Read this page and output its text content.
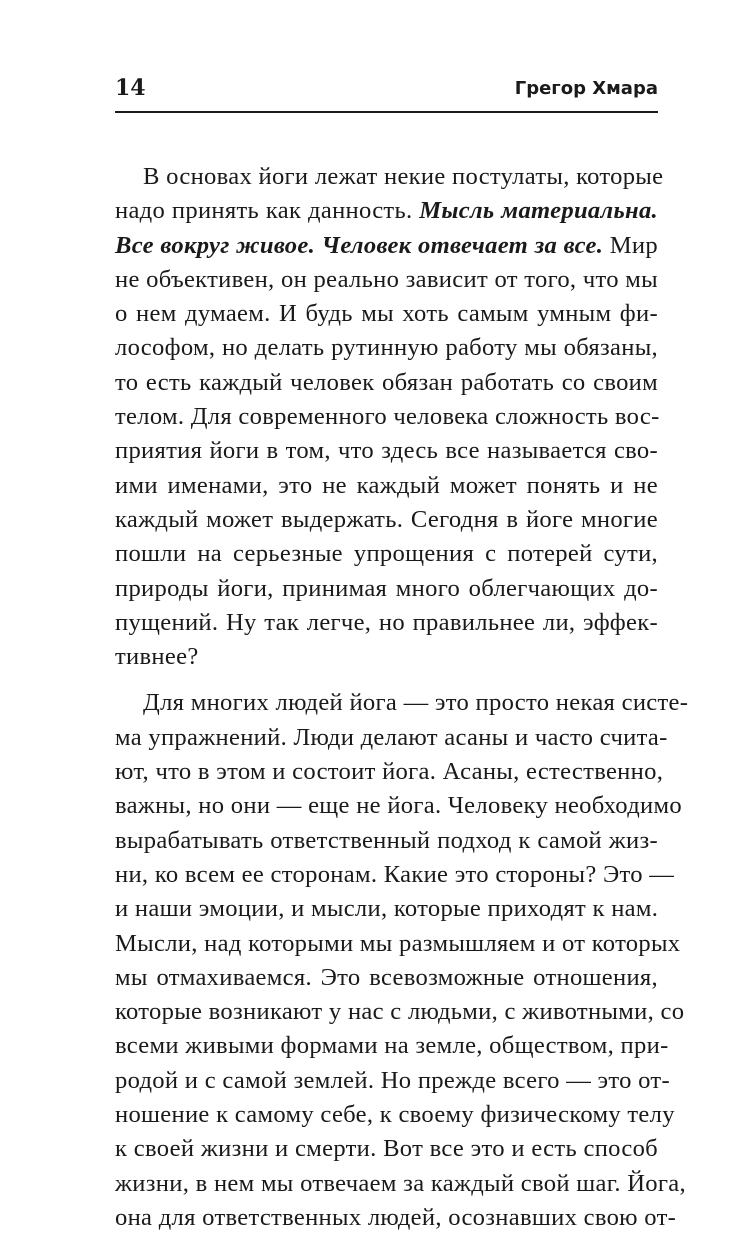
14	Грегор Хмара
В основах йоги лежат некие постулаты, которые
надо принять как данность. Мысль материальна.
Все вокруг живое. Человек отвечает за все. Мир
не объективен, он реально зависит от того, что мы
о нем думаем. И будь мы хоть самым умным фи-
лософом, но делать рутинную работу мы обязаны,
то есть каждый человек обязан работать со своим
телом. Для современного человека сложность вос-
приятия йоги в том, что здесь все называется сво-
ими именами, это не каждый может понять и не
каждый может выдержать. Сегодня в йоге многие
пошли на серьезные упрощения с потерей сути,
природы йоги, принимая много облегчающих до-
пущений. Ну так легче, но правильнее ли, эффек-
тивнее?
Для многих людей йога — это просто некая систе-
ма упражнений. Люди делают асаны и часто счита-
ют, что в этом и состоит йога. Асаны, естественно,
важны, но они — еще не йога. Человеку необходимо
вырабатывать ответственный подход к самой жиз-
ни, ко всем ее сторонам. Какие это стороны? Это —
и наши эмоции, и мысли, которые приходят к нам.
Мысли, над которыми мы размышляем и от которых
мы отмахиваемся. Это всевозможные отношения,
которые возникают у нас с людьми, с животными, со
всеми живыми формами на земле, обществом, при-
родой и с самой землей. Но прежде всего — это от-
ношение к самому себе, к своему физическому телу
к своей жизни и смерти. Вот все это и есть способ
жизни, в нем мы отвечаем за каждый свой шаг. Йога,
она для ответственных людей, осознавших свою от-
